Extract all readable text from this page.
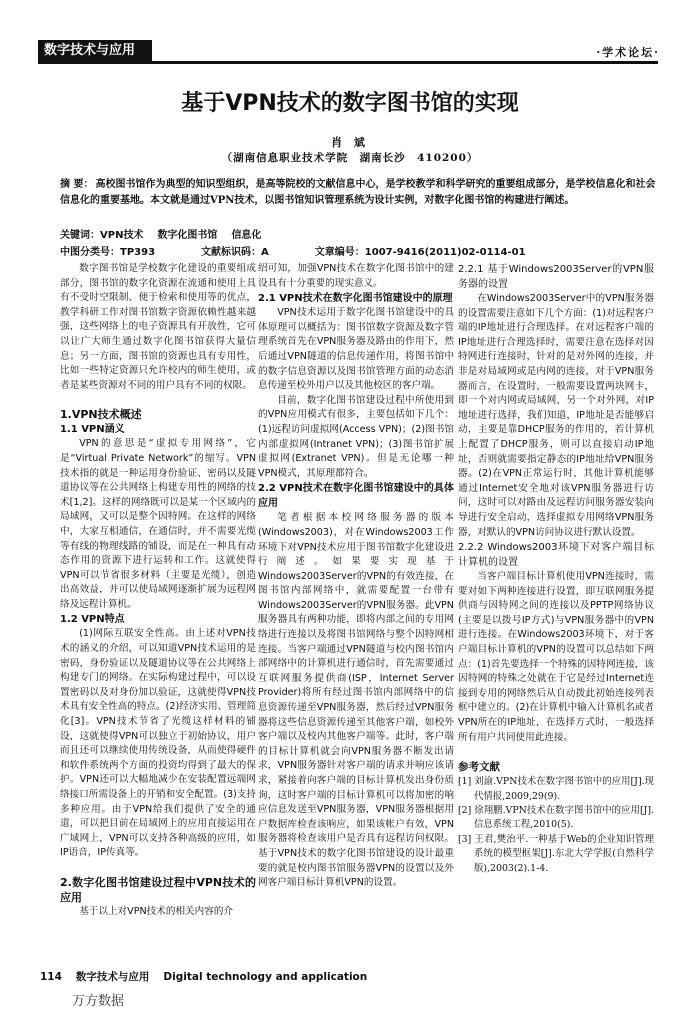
数字技术与应用	·学术论坛·
基于VPN技术的数字图书馆的实现
肖 斌
（湖南信息职业技术学院　湖南长沙　410200）
摘 要： 高校图书馆作为典型的知识型组织，是高等院校的文献信息中心，是学校教学和科学研究的重要组成部分，是学校信息化和社会信息化的重要基地。本文就是通过VPN技术，以图书馆知识管理系统为设计实例，对数字化图书馆的构建进行阐述。
关键词：VPN技术 数字化图书馆 信息化
中图分类号：TP393	文献标识码：A	文章编号：1007-9416(2011)02-0114-01

数字图书馆是学校数字化建设的重要组成部分，图书馆的数字化资源在流通和使用上具有不受时空限制、便于检索和使用等的优点，教学科研工作对图书馆数字资源依赖性越来越强，这些网络上的电子资源具有开放性，它可以让广大师生通过数字化图书馆获得大量信息；另一方面，图书馆的资源也具有专用性，比如一些特定资源只允许校内的师生使用，或者是某些资源对不同的用户具有不同的权限。

1.VPN技术概述
1.1 VPN涵义

VPN的意思是“虚拟专用网络”，它是“Virtual Private Network”的缩写。VPN技术指的就是一种运用身份验证、密码以及隧道协议等在公共网络上构建专用性的网络的技术[1,2]。这样的网络既可以是某一个区域内的局域网，又可以是整个因特网。在这样的网络中，大家互相通信，在通信时，并不需要光缆等有线的物理线路的铺设，而是在一种具有动态作用的资源下进行运转和工作。这就使得VPN可以节省很多材料（主要是光缆），创造出高效益，并可以使局域网逐渐扩展为远程网络及远程计算机。

1.2 VPN特点

(1)网际互联安全性高。由上述对VPN技术的涵义的介绍，可以知道VPN技术运用的是密码，身份验证以及隧道协议等在公共网络上构建专门的网络。在实际构建过程中，可以设置密码以及对身份加以验证，这就使得VPN技术具有安全性高的特点。(2)经济实用、管理简化[3]。VPN技术节省了光缆这样材料的铺设，这就使得VPN可以独立于初始协议，用户而且还可以继续使用传统设备，从而使得硬件和软件系统两个方面的投资均得到了最大的保护。VPN还可以大幅地减少在安装配置远端网络接口所需设备上的开销和安全配置。(3)支持多种应用。由于VPN给我们提供了安全的通道，可以把目前在局域网上的应用直接运用在广域网上，VPN可以支持各种高级的应用，如IP语音，IP传真等。

2.数字化图书馆建设过程中VPN技术的应用

基于以上对VPN技术的相关内容的介

绍可知，加强VPN技术在数字化图书馆中的建设具有十分重要的现实意义。

2.1 VPN技术在数字化图书馆建设中的原理

VPN技术运用于数字化图书馆建设中的具体原理可以概括为：图书馆数字资源及数字管理系统首先在VPN服务器及路由的作用下，然后通过VPN隧道的信息传递作用，将图书馆中的数字信息资源以及图书馆管理方面的动态消息传递至校外用户以及其他校区的客户端。

目前，数字化图书馆建设过程中所使用到的VPN应用模式有很多，主要包括如下几个：(1)远程访问虚拟网(Access VPN)；(2)图书馆内部虚拟网(Intranet VPN)；(3)图书馆扩展虚拟网(Extranet VPN)。但是无论哪一种VPN模式，其原理都符合。

2.2 VPN技术在数字化图书馆建设中的具体应用

笔者根据本校网络服务器的版本(Windows2003)，对在Windows2003工作环境下对VPN技术应用于图书馆数字化建设进行阐述。如果要实现基于Windows2003Server的VPN的有效连接，在图书馆内部网络中，就需要配置一台带有Windows2003Server的VPN服务器。此VPN服务器具有两种功能，即将内部之间的专用网络进行连接以及将图书馆网络与整个因特网相连接。当客户端通过VPN隧道与校内图书馆内部网络中的计算机进行通信时，首先需要通过互联网服务提供商(ISP，Internet Server Provider)将所有经过图书馆内部网络中的信息资源传递至VPN服务器，然后经过VPN服务器将这些信息资源传递至其他客户端，如校外客户端以及校内其他客户端等。此时，客户端的目标计算机就会向VPN服务器不断发出请求，VPN服务器针对客户端的请求并响应该请求，紧接着向客户端的目标计算机发出身份质询，这时客户端的目标计算机可以将加密的响应信息发送至VPN服务器，VPN服务器根据用户数据库检查该响应，如果该帐户有效，VPN服务器将检查该用户是否具有远程访问权限。基于VPN技术的数字化图书馆建设的设计最重要的就是校内图书馆服务器VPN的设置以及外网客户端目标计算机VPN的设置。

2.2.1 基于Windows2003Server的VPN服务器的设置

在Windows2003Server中的VPN服务器的设置需要注意如下几个方面：(1)对远程客户端的IP地址进行合理选择。在对远程客户端的IP地址进行合理选择时，需要注意在选择对因特网进行连接时，针对的是对外网的连接，并非是对局域网或是内网的连接，对于VPN服务器而言，在设置时，一般需要设置两块网卡，即一个对内网或局域网，另一个对外网，对IP地址进行选择，我们知道，IP地址是否能够启动，主要是靠DHCP服务的作用的，若计算机上配置了DHCP服务，则可以直接启动IP地址，否则就需要指定静态的IP地址给VPN服务器。(2)在VPN正常运行时，其他计算机能够通过Internet安全地对该VPN服务器进行访问，这时可以对路由及远程访问服务器安装向导进行安全启动，选择虚拟专用网络VPN服务器，对默认的VPN访问协议进行默认设置。

2.2.2 Windows2003环境下对客户端目标计算机的设置

当客户端目标计算机使用VPN连接时，需要对如下两种连接进行设置，即互联网服务提供商与因特网之间的连接以及PPTP网络协议(主要是以拨号IP方式)与VPN服务器中的VPN进行连接。在Windows2003环境下，对于客户端目标计算机的VPN的设置可以总结如下两点：(1)首先要选择一个特殊的因特网连接，该因特网的特殊之处就在于它是经过Internet连接到专用的网络然后从自动拨此初始连接列表框中建立的。(2)在计算机中输入计算机名或者VPN所在的IP地址，在选择方式时，一般选择所有用户共同使用此连接。

参考文献
[1] 刘渝.VPN技术在数字图书馆中的应用[J].现代情报,2009,29(9).
[2] 徐翔鹏.VPN技术在数字图书馆中的应用[J].信息系统工程,2010(5).
[3] 王君,樊治平.一种基于Web的企业知识管理系统的模型框架[J].东北大学学报(自然科学版),2003(2).1-4.
114 数字技术与应用 Digital technology and application
万方数据
